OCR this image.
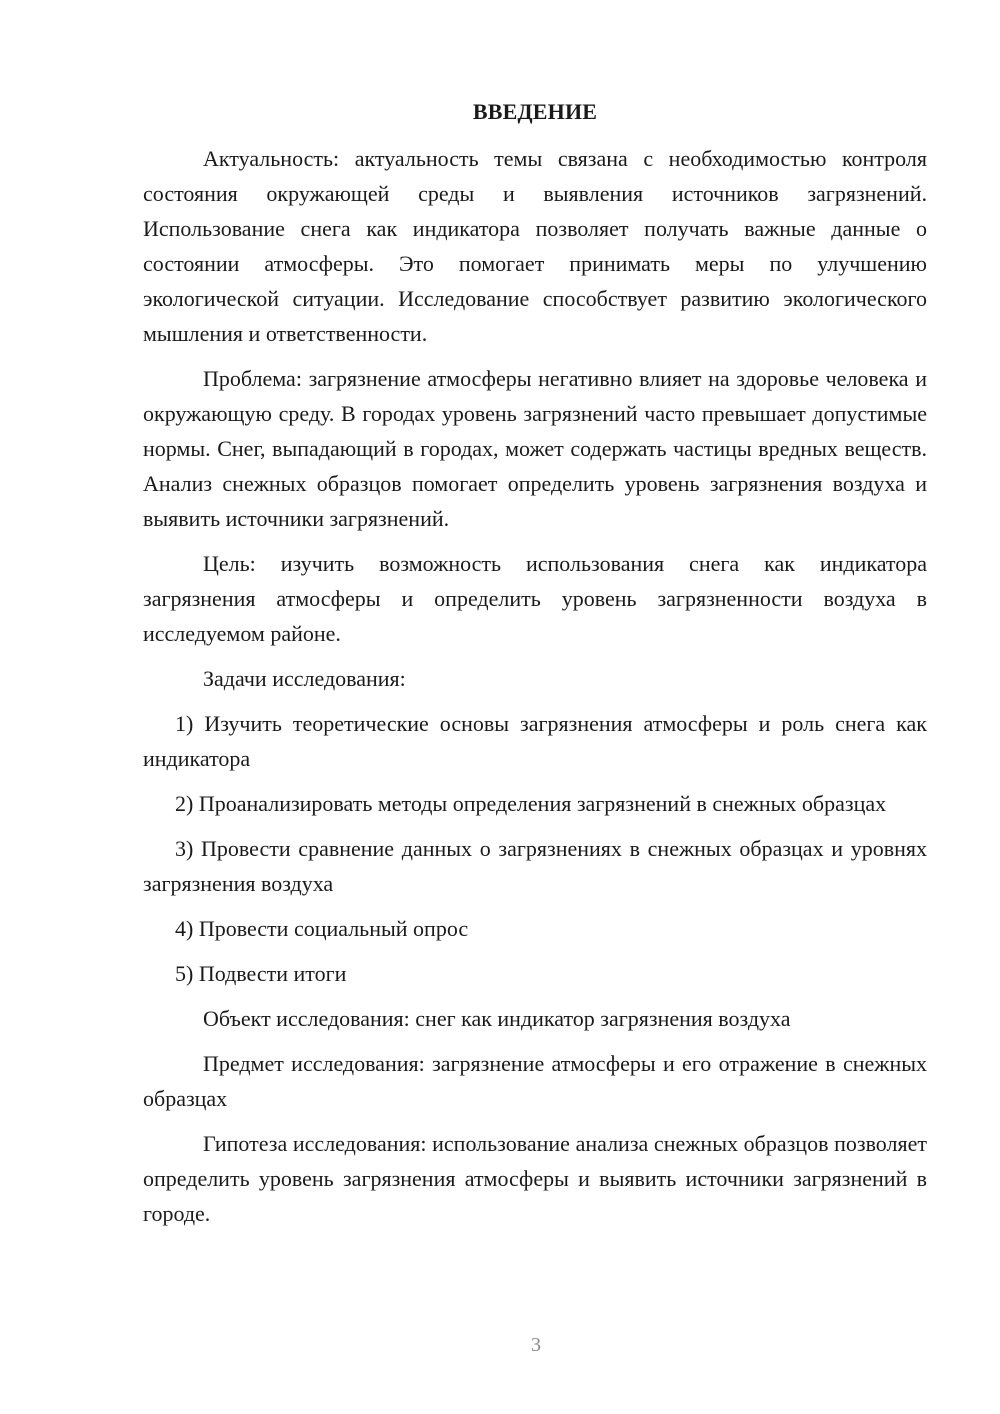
ВВЕДЕНИЕ

Актуальность: актуальность темы связана с необходимостью контроля состояния окружающей среды и выявления источников загрязнений. Использование снега как индикатора позволяет получать важные данные о состоянии атмосферы. Это помогает принимать меры по улучшению экологической ситуации. Исследование способствует развитию экологического мышления и ответственности.

Проблема: загрязнение атмосферы негативно влияет на здоровье человека и окружающую среду. В городах уровень загрязнений часто превышает допустимые нормы. Снег, выпадающий в городах, может содержать частицы вредных веществ. Анализ снежных образцов помогает определить уровень загрязнения воздуха и выявить источники загрязнений.

Цель: изучить возможность использования снега как индикатора загрязнения атмосферы и определить уровень загрязненности воздуха в исследуемом районе.

Задачи исследования:

1) Изучить теоретические основы загрязнения атмосферы и роль снега как индикатора

2) Проанализировать методы определения загрязнений в снежных образцах

3) Провести сравнение данных о загрязнениях в снежных образцах и уровнях загрязнения воздуха

4) Провести социальный опрос

5) Подвести итоги

Объект исследования: снег как индикатор загрязнения воздуха

Предмет исследования: загрязнение атмосферы и его отражение в снежных образцах

Гипотеза исследования: использование анализа снежных образцов позволяет определить уровень загрязнения атмосферы и выявить источники загрязнений в городе.

3
